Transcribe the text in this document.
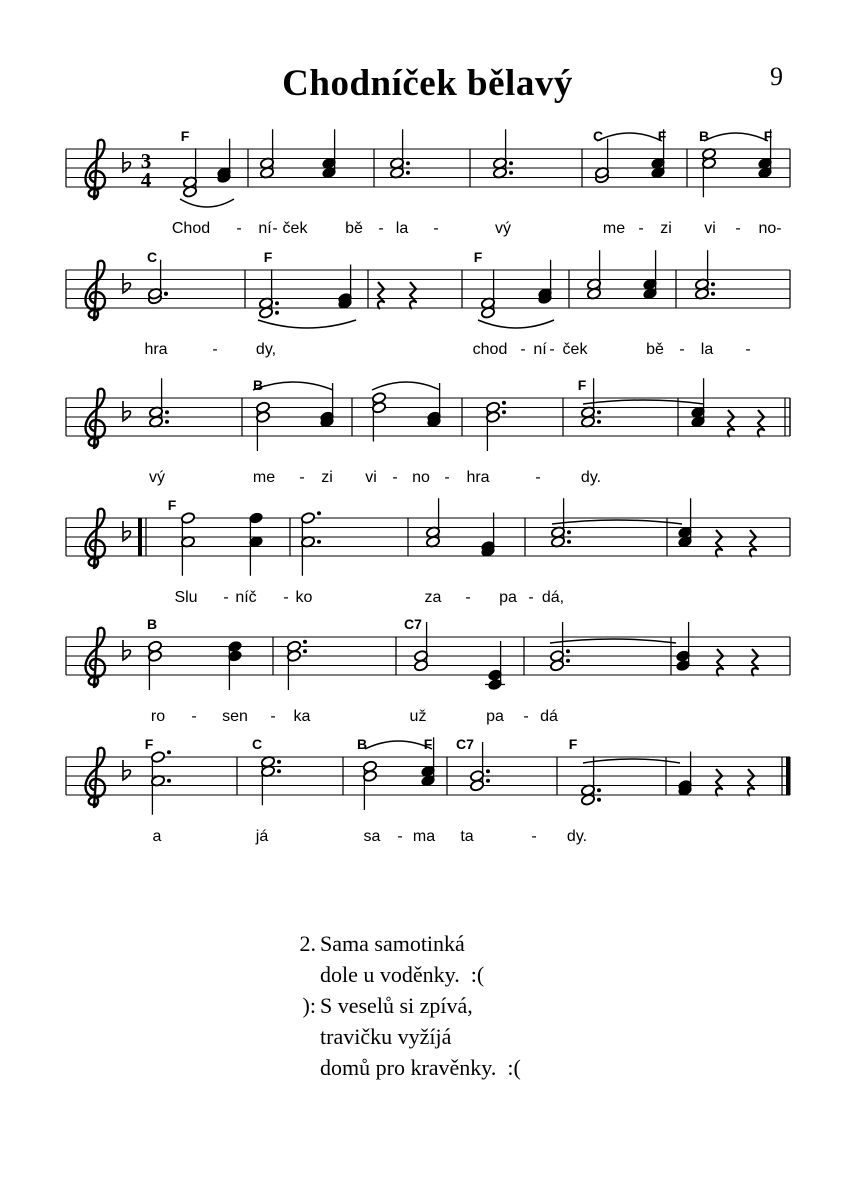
Chodníček bělavý	9
3
4
F	C	F B	F
Chod - ní - ček bě - la -	vý	me - zi vi - no-
C	F	F
hra	- dy,	chod - ní - ček	bě - la -
B	F
vý	me - zi vi - no - hra	-	dy.
F
Slu - níč - ko	za - pa - dá,
B	C7
ro - sen - ka	už	pa - dá
F	C	B	F C7	F
a	já	sa - ma ta	- dy.
2. Sama samotinká
dole u voděnky.  :(
): S veselů si zpívá,
travičku vyžíjá
domů pro kravěnky.  :(
